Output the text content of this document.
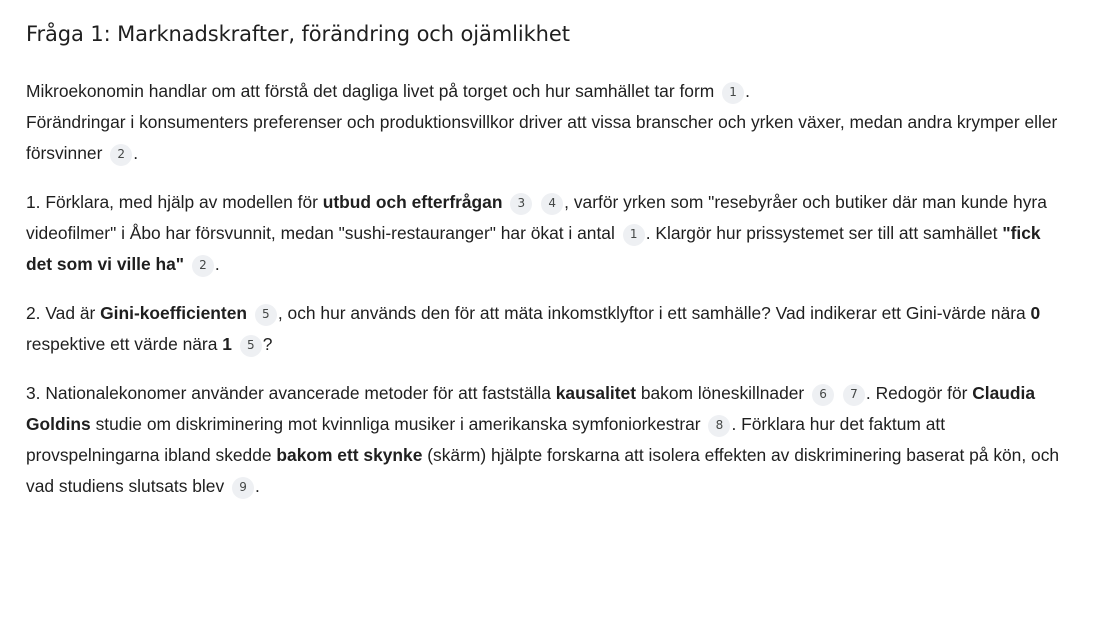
Fråga 1: Marknadskrafter, förändring och ojämlikhet

Mikroekonomin handlar om att förstå det dagliga livet på torget och hur samhället tar form 1 .
Förändringar i konsumenters preferenser och produktionsvillkor driver att vissa branscher och yrken växer, medan andra krymper eller försvinner 2 .

1. Förklara, med hjälp av modellen för utbud och efterfrågan 3 4 , varför yrken som "resebyråer och butiker där man kunde hyra videofilmer" i Åbo har försvunnit, medan "sushi-restauranger" har ökat i antal 1 . Klargör hur prissystemet ser till att samhället "fick det som vi ville ha" 2 .

2. Vad är Gini-koefficienten 5 , och hur används den för att mäta inkomstklyftor i ett samhälle? Vad indikerar ett Gini-värde nära 0 respektive ett värde nära 1 5 ?

3. Nationalekonomer använder avancerade metoder för att fastställa kausalitet bakom löneskillnader 6 7 . Redogör för Claudia Goldins studie om diskriminering mot kvinnliga musiker i amerikanska symfoniorkestrar 8 . Förklara hur det faktum att provspelningarna ibland skedde bakom ett skynke (skärm) hjälpte forskarna att isolera effekten av diskriminering baserat på kön, och vad studiens slutsats blev 9 .
